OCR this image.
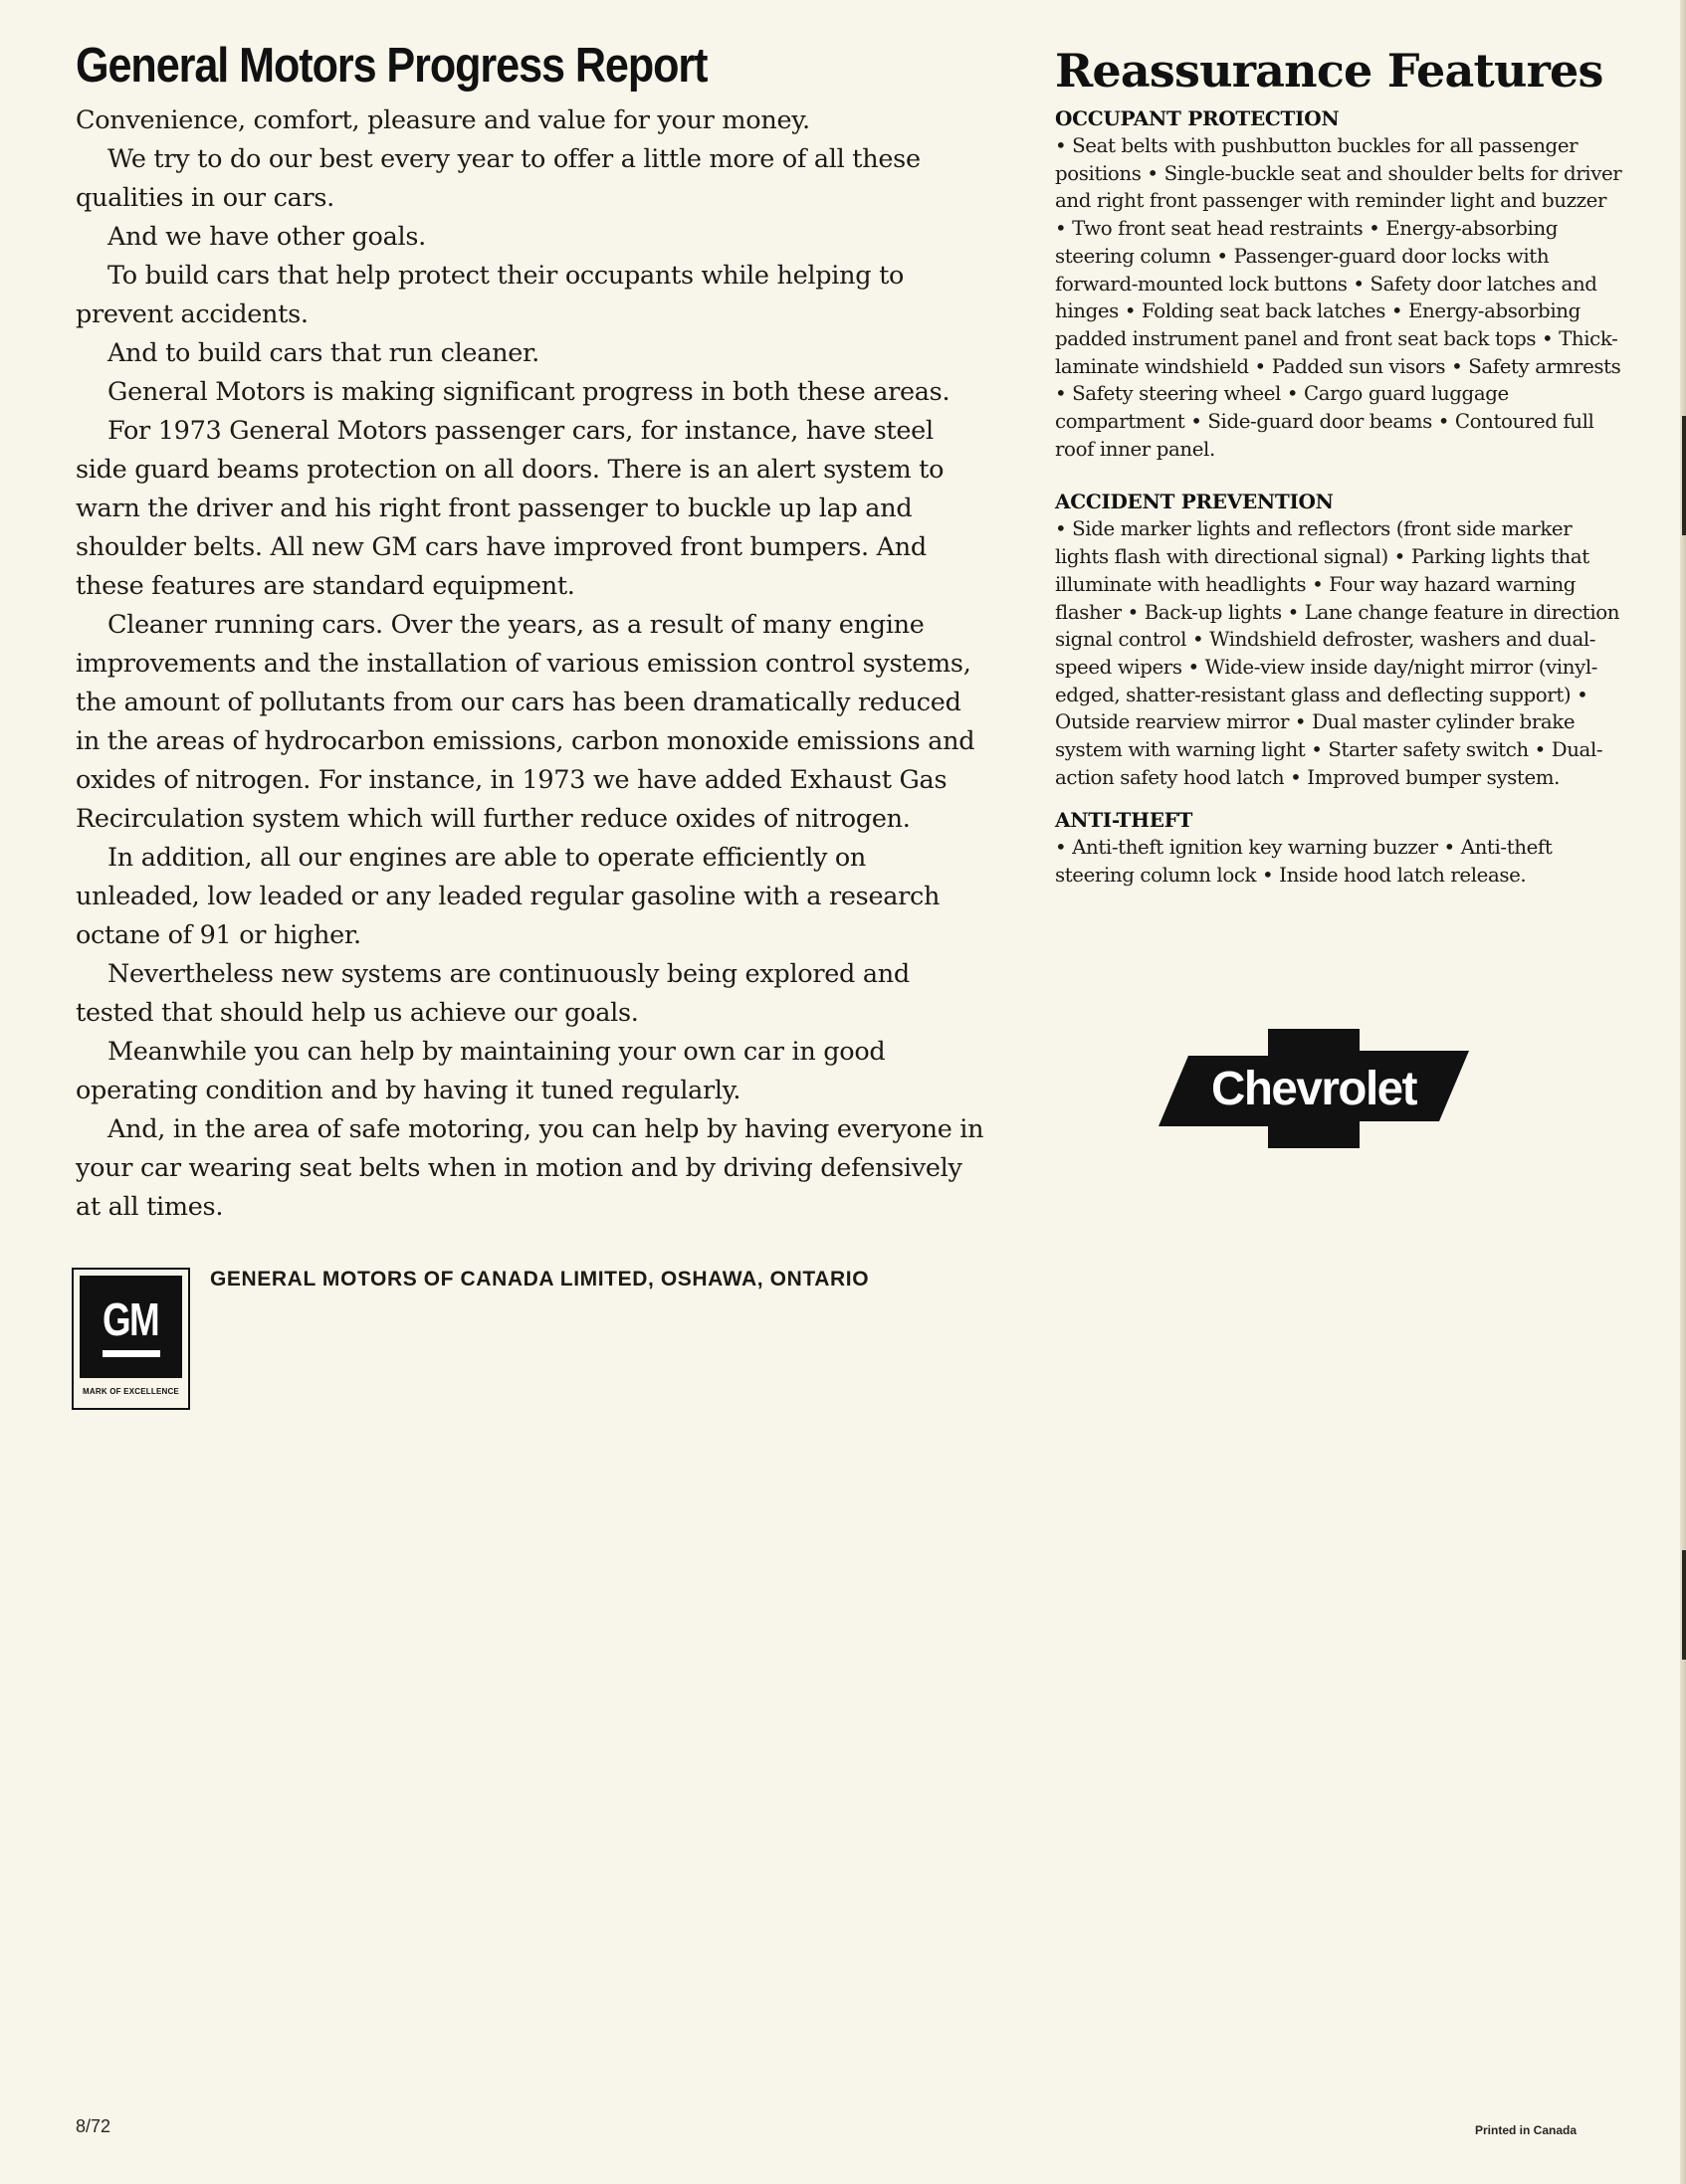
General Motors Progress Report

Convenience, comfort, pleasure and value for your money.

We try to do our best every year to offer a little more of all these qualities in our cars.

And we have other goals.

To build cars that help protect their occupants while helping to prevent accidents.

And to build cars that run cleaner.

General Motors is making significant progress in both these areas.

For 1973 General Motors passenger cars, for instance, have steel side guard beams protection on all doors. There is an alert system to warn the driver and his right front passenger to buckle up lap and shoulder belts. All new GM cars have improved front bumpers. And these features are standard equipment.

Cleaner running cars. Over the years, as a result of many engine improvements and the installation of various emission control systems, the amount of pollutants from our cars has been dramatically reduced in the areas of hydrocarbon emissions, carbon monoxide emissions and oxides of nitrogen. For instance, in 1973 we have added Exhaust Gas Recirculation system which will further reduce oxides of nitrogen.

In addition, all our engines are able to operate efficiently on unleaded, low leaded or any leaded regular gasoline with a research octane of 91 or higher.

Nevertheless new systems are continuously being explored and tested that should help us achieve our goals.

Meanwhile you can help by maintaining your own car in good operating condition and by having it tuned regularly.

And, in the area of safe motoring, you can help by having everyone in your car wearing seat belts when in motion and by driving defensively at all times.

GM
MARK OF EXCELLENCE
GENERAL MOTORS OF CANADA LIMITED, OSHAWA, ONTARIO
Reassurance Features
OCCUPANT PROTECTION

• Seat belts with pushbutton buckles for all passenger positions • Single-buckle seat and shoulder belts for driver and right front passenger with reminder light and buzzer • Two front seat head restraints • Energy-absorbing steering column • Passenger-guard door locks with forward-mounted lock buttons • Safety door latches and hinges • Folding seat back latches • Energy-absorbing padded instrument panel and front seat back tops • Thick-laminate windshield • Padded sun visors • Safety armrests • Safety steering wheel • Cargo guard luggage compartment • Side-guard door beams • Contoured full roof inner panel.

ACCIDENT PREVENTION

• Side marker lights and reflectors (front side marker lights flash with directional signal) • Parking lights that illuminate with headlights • Four way hazard warning flasher • Back-up lights • Lane change feature in direction signal control • Windshield defroster, washers and dual-speed wipers • Wide-view inside day/night mirror (vinyl-edged, shatter-resistant glass and deflecting support) • Outside rearview mirror • Dual master cylinder brake system with warning light • Starter safety switch • Dual-action safety hood latch • Improved bumper system.

ANTI-THEFT

• Anti-theft ignition key warning buzzer • Anti-theft steering column lock • Inside hood latch release.

Chevrolet
8/72	Printed in Canada
